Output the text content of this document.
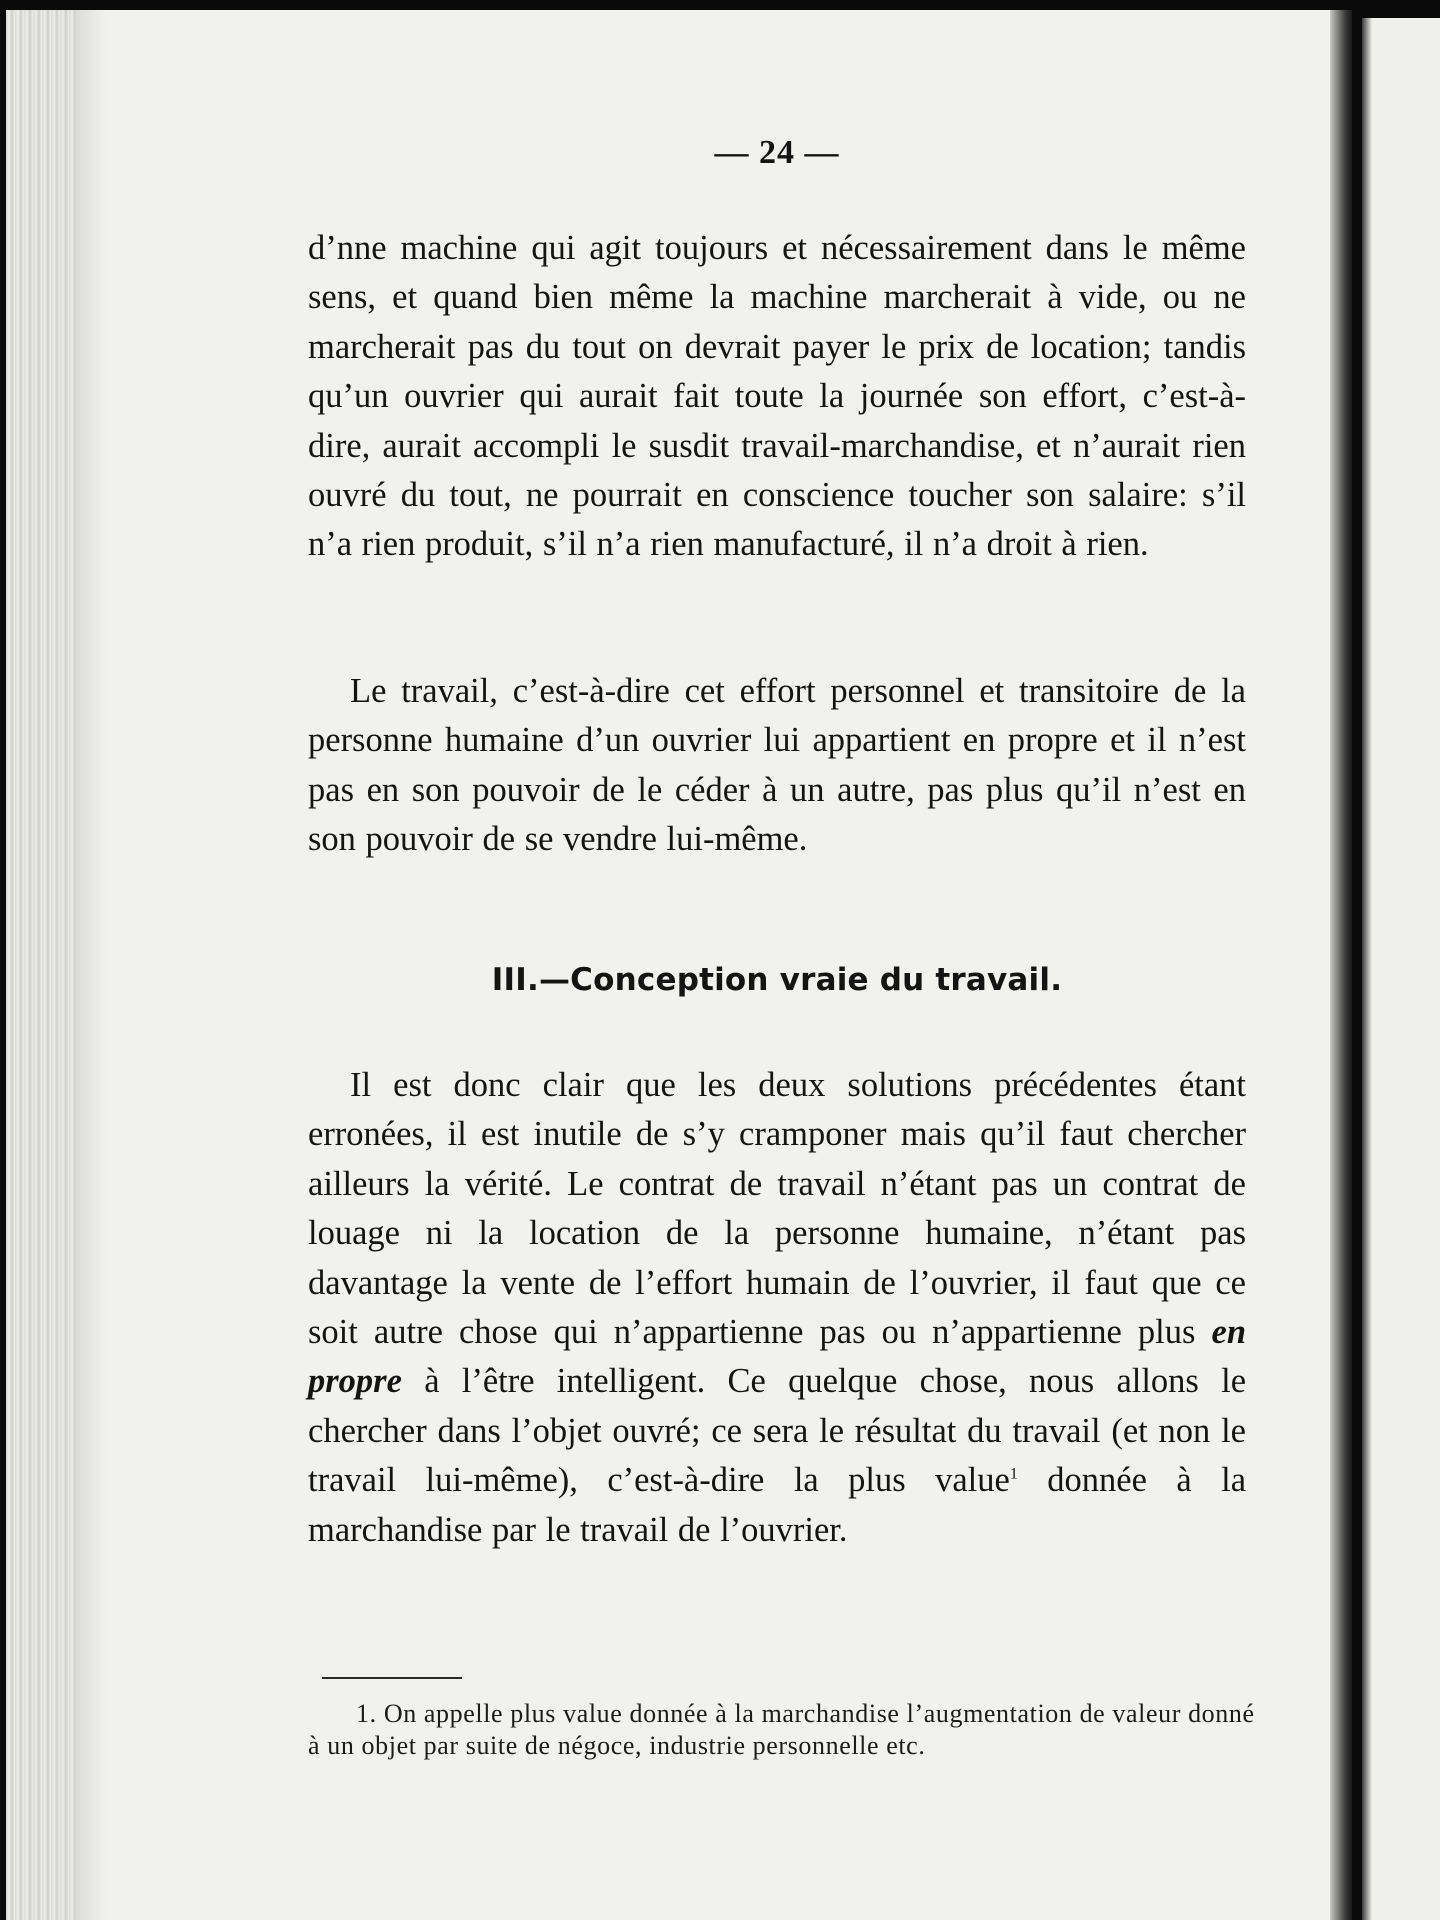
— 24 —

d’nne machine qui agit toujours et nécessairement dans le même sens, et quand bien même la machine marcherait à vide, ou ne marcherait pas du tout on devrait payer le prix de location; tandis qu’un ouvrier qui aurait fait toute la journée son effort, c’est-à-dire, aurait accompli le susdit travail-marchandise, et n’aurait rien ouvré du tout, ne pourrait en conscience toucher son salaire: s’il n’a rien produit, s’il n’a rien manufacturé, il n’a droit à rien.

Le travail, c’est-à-dire cet effort personnel et transitoire de la personne humaine d’un ouvrier lui appartient en propre et il n’est pas en son pouvoir de le céder à un autre, pas plus qu’il n’est en son pouvoir de se vendre lui-même.

III.—Conception vraie du travail.

Il est donc clair que les deux solutions précédentes étant erronées, il est inutile de s’y cramponer mais qu’il faut chercher ailleurs la vérité. Le contrat de travail n’étant pas un contrat de louage ni la location de la personne humaine, n’étant pas davantage la vente de l’effort humain de l’ouvrier, il faut que ce soit autre chose qui n’appartienne pas ou n’appartienne plus en propre à l’être intelligent. Ce quelque chose, nous allons le chercher dans l’objet ouvré; ce sera le résultat du travail (et non le travail lui-même), c’est-à-dire la plus value$^1$ donnée à la marchandise par le travail de l’ouvrier.

1. On appelle plus value donnée à la marchandise l’augmentation de valeur donné à un objet par suite de négoce, industrie personnelle etc.
